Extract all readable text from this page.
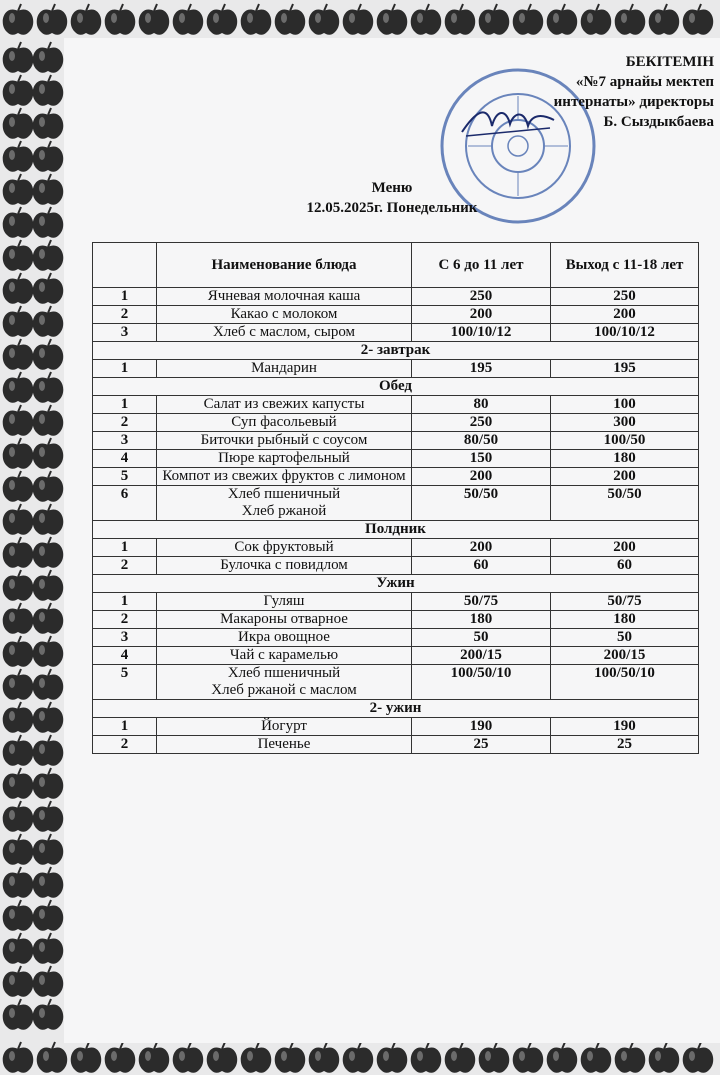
БЕКІТЕМІН
«№7 арнайы мектеп
интернаты» директоры
Б. Сыздыкбаева
Меню
12.05.2025г. Понедельник
	Наименование блюда	С 6 до 11 лет	Выход с 11-18 лет
1	Ячневая молочная каша	250	250
2	Какао с молоком	200	200
3	Хлеб с маслом, сыром	100/10/12	100/10/12
2- завтрак			
1	Мандарин	195	195
Обед			
1	Салат из свежих капусты	80	100
2	Суп фасольевый	250	300
3	Биточки рыбный с соусом	80/50	100/50
4	Пюре картофельный	150	180
5	Компот из свежих фруктов с лимоном	200	200
6	Хлеб пшеничный
Хлеб ржаной	50/50	50/50
Полдник			
1	Сок фруктовый	200	200
2	Булочка с повидлом	60	60
Ужин			
1	Гуляш	50/75	50/75
2	Макароны отварное	180	180
3	Икра овощное	50	50
4	Чай с карамелью	200/15	200/15
5	Хлеб пшеничный
Хлеб ржаной с маслом	100/50/10	100/50/10
2- ужин			
1	Йогурт	190	190
2	Печенье	25	25
